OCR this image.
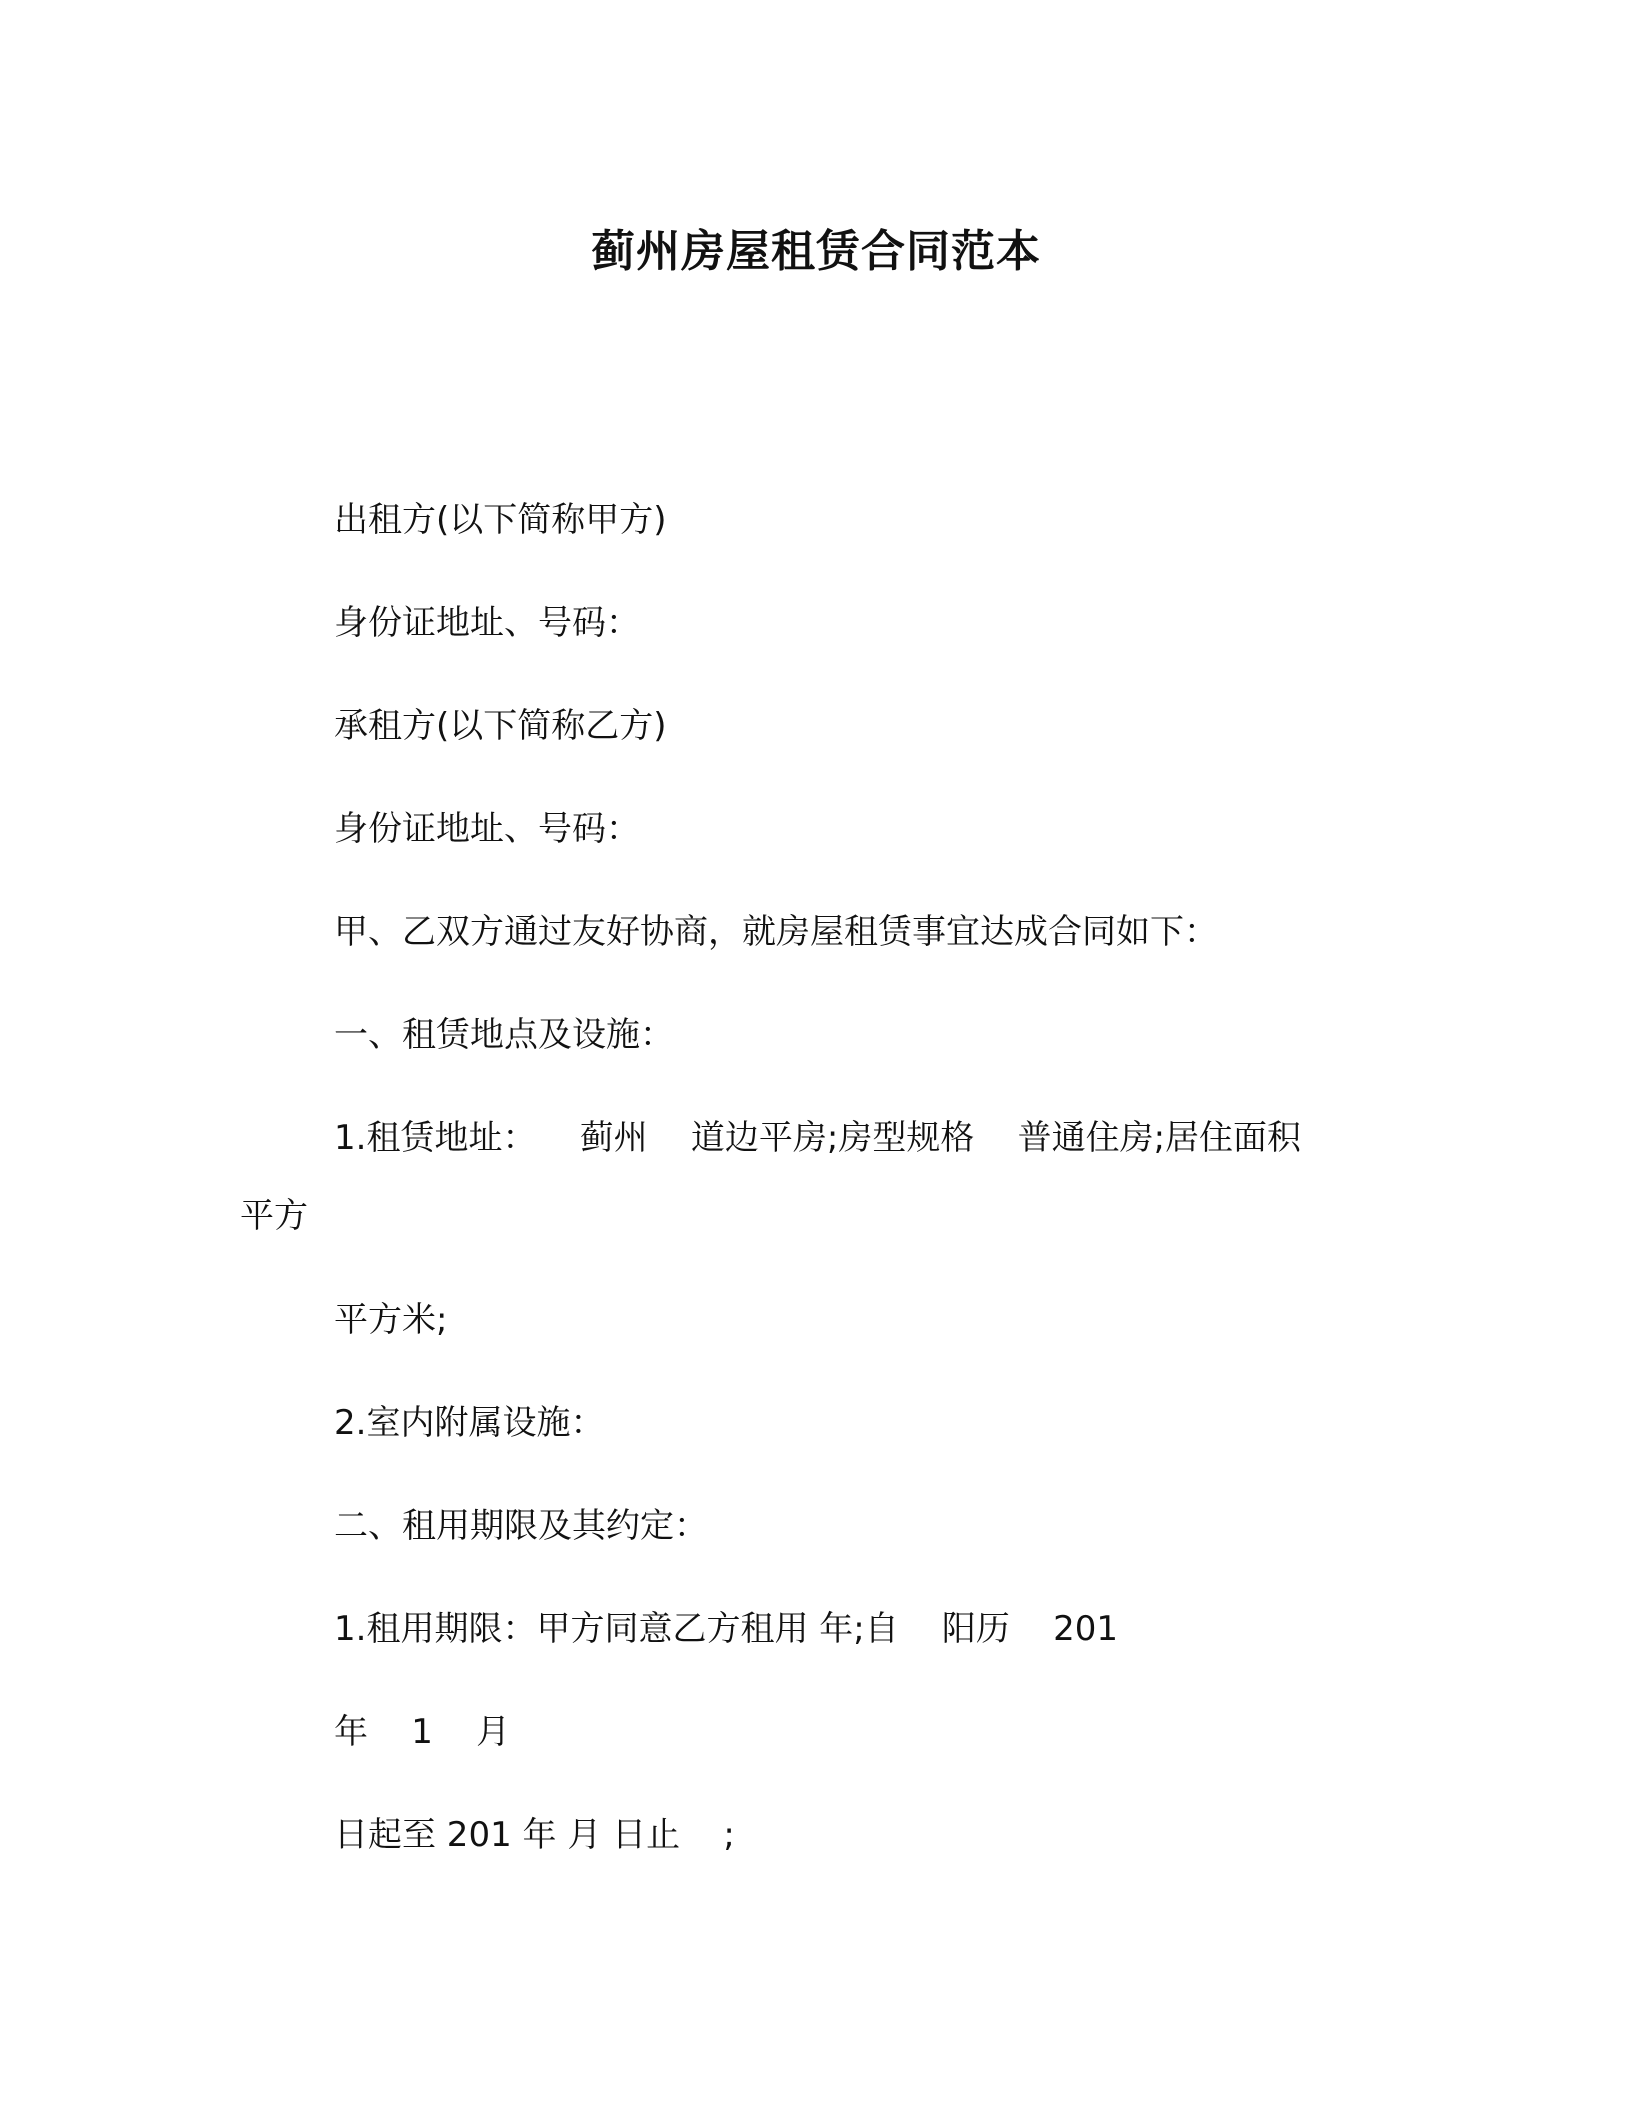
蓟州房屋租赁合同范本
出租方(以下简称甲方)
身份证地址、号码：
承租方(以下简称乙方)
身份证地址、号码：
甲、乙双方通过友好协商，就房屋租赁事宜达成合同如下：
一、租赁地点及设施：
1.租赁地址：    蓟州    道边平房;房型规格    普通住房;居住面积
平方
平方米;
2.室内附属设施：
二、租用期限及其约定：
1.租用期限：甲方同意乙方租用 年;自    阳历    201
年    1    月
日起至 201 年 月 日止    ;
